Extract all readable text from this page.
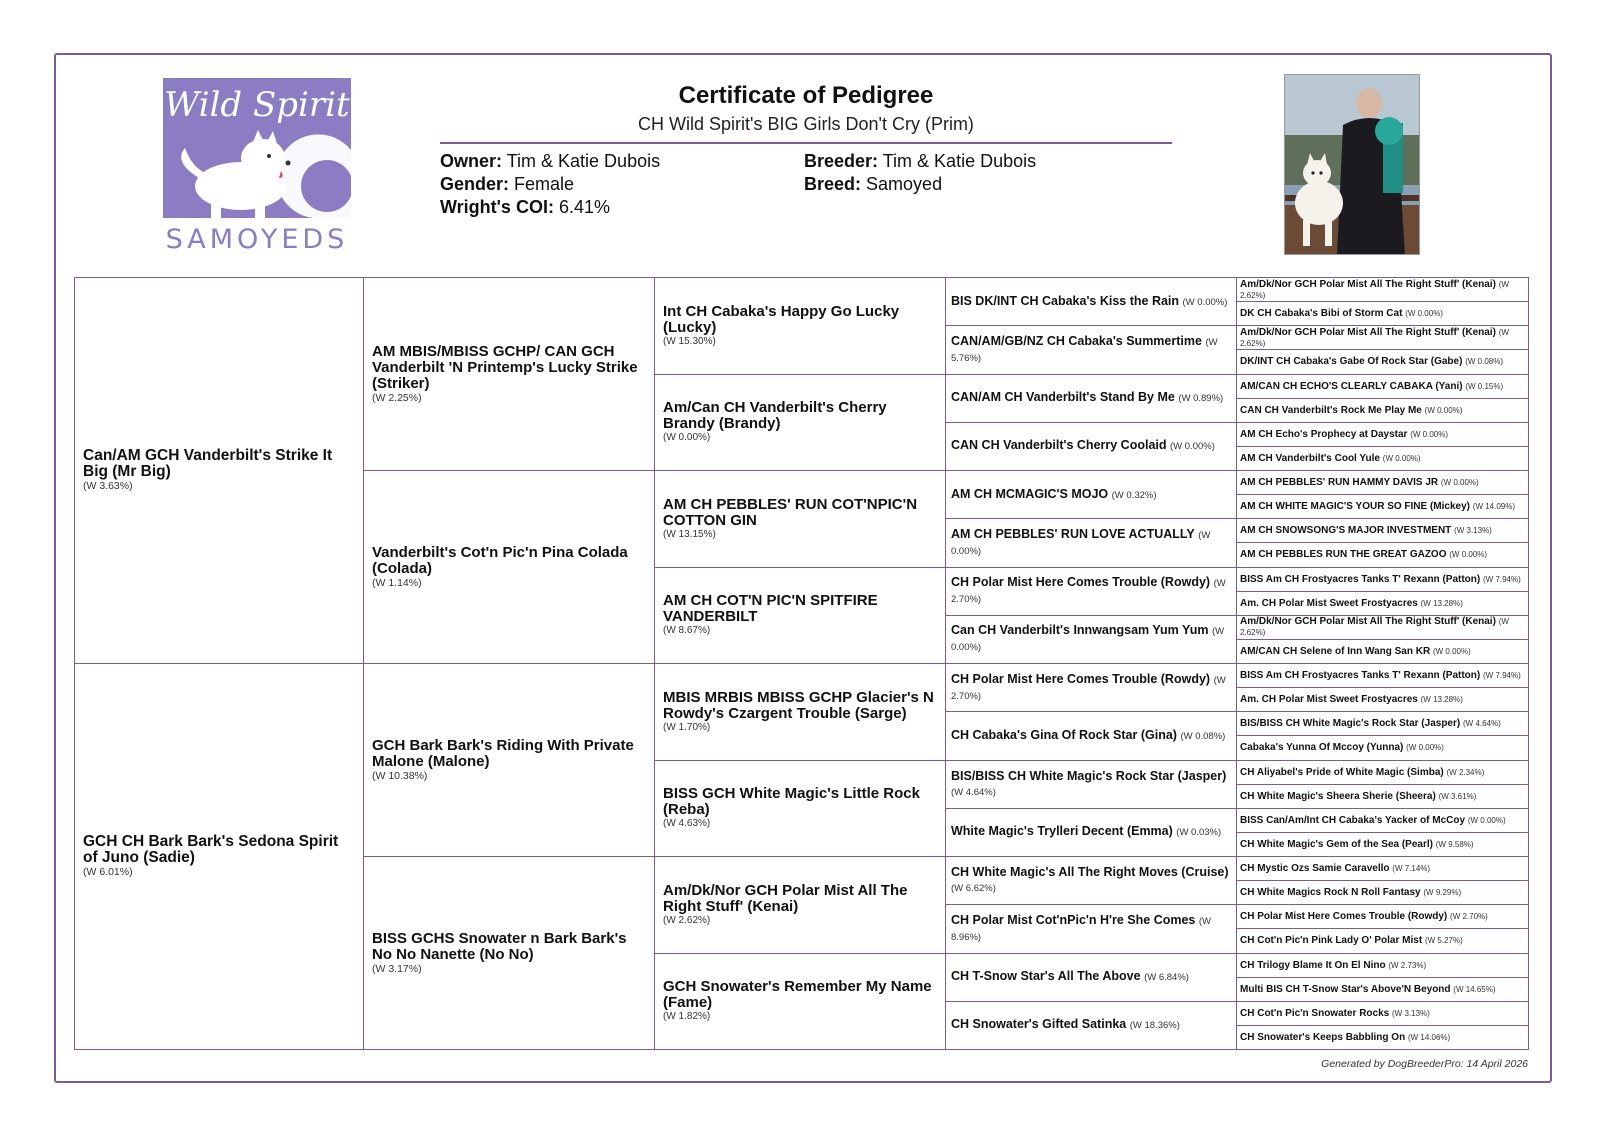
Wild Spirit
SAMOYEDS
Certificate of Pedigree
CH Wild Spirit's BIG Girls Don't Cry (Prim)
Owner: Tim & Katie Dubois
Gender: Female
Wright's COI: 6.41%
Breeder: Tim & Katie Dubois
Breed: Samoyed
Can/AM GCH Vanderbilt's Strike It Big (Mr Big)
(W 3.63%)
GCH CH Bark Bark's Sedona Spirit of Juno (Sadie)
(W 6.01%)
AM MBIS/MBISS GCHP/ CAN GCH Vanderbilt 'N Printemp's Lucky Strike (Striker)
(W 2.25%)
Vanderbilt's Cot'n Pic'n Pina Colada (Colada)
(W 1.14%)
GCH Bark Bark's Riding With Private Malone (Malone)
(W 10.38%)
BISS GCHS Snowater n Bark Bark's No No Nanette (No No)
(W 3.17%)
Int CH Cabaka's Happy Go Lucky (Lucky)
(W 15.30%)
Am/Can CH Vanderbilt's Cherry Brandy (Brandy)
(W 0.00%)
AM CH PEBBLES' RUN COT'NPIC'N COTTON GIN
(W 13.15%)
AM CH COT'N PIC'N SPITFIRE VANDERBILT
(W 8.67%)
MBIS MRBIS MBISS GCHP Glacier's N Rowdy's Czargent Trouble (Sarge)
(W 1.70%)
BISS GCH White Magic's Little Rock (Reba)
(W 4.63%)
Am/Dk/Nor GCH Polar Mist All The Right Stuff' (Kenai)
(W 2.62%)
GCH Snowater's Remember My Name (Fame)
(W 1.82%)
BIS DK/INT CH Cabaka's Kiss the Rain (W 0.00%)
CAN/AM/GB/NZ CH Cabaka's Summertime (W 5.76%)
CAN/AM CH Vanderbilt's Stand By Me (W 0.89%)
CAN CH Vanderbilt's Cherry Coolaid (W 0.00%)
AM CH MCMAGIC'S MOJO (W 0.32%)
AM CH PEBBLES' RUN LOVE ACTUALLY (W 0.00%)
CH Polar Mist Here Comes Trouble (Rowdy) (W 2.70%)
Can CH Vanderbilt's Innwangsam Yum Yum (W 0.00%)
CH Polar Mist Here Comes Trouble (Rowdy) (W 2.70%)
CH Cabaka's Gina Of Rock Star (Gina) (W 0.08%)
BIS/BISS CH White Magic's Rock Star (Jasper) (W 4.64%)
White Magic's Trylleri Decent (Emma) (W 0.03%)
CH White Magic's All The Right Moves (Cruise) (W 6.62%)
CH Polar Mist Cot'nPic'n H're She Comes (W 8.96%)
CH T-Snow Star's All The Above (W 6.84%)
CH Snowater's Gifted Satinka (W 18.36%)
Am/Dk/Nor GCH Polar Mist All The Right Stuff' (Kenai) (W 2.62%)
DK CH Cabaka's Bibi of Storm Cat (W 0.00%)
Am/Dk/Nor GCH Polar Mist All The Right Stuff' (Kenai) (W 2.62%)
DK/INT CH Cabaka's Gabe Of Rock Star (Gabe) (W 0.08%)
AM/CAN CH ECHO'S CLEARLY CABAKA (Yani) (W 0.15%)
CAN CH Vanderbilt's Rock Me Play Me (W 0.00%)
AM CH Echo's Prophecy at Daystar (W 0.00%)
AM CH Vanderbilt's Cool Yule (W 0.00%)
AM CH PEBBLES' RUN HAMMY DAVIS JR (W 0.00%)
AM CH WHITE MAGIC'S YOUR SO FINE (Mickey) (W 14.09%)
AM CH SNOWSONG'S MAJOR INVESTMENT (W 3.13%)
AM CH PEBBLES RUN THE GREAT GAZOO (W 0.00%)
BISS Am CH Frostyacres Tanks T' Rexann (Patton) (W 7.94%)
Am. CH Polar Mist Sweet Frostyacres (W 13.28%)
Am/Dk/Nor GCH Polar Mist All The Right Stuff' (Kenai) (W 2.62%)
AM/CAN CH Selene of Inn Wang San KR (W 0.00%)
BISS Am CH Frostyacres Tanks T' Rexann (Patton) (W 7.94%)
Am. CH Polar Mist Sweet Frostyacres (W 13.28%)
BIS/BISS CH White Magic's Rock Star (Jasper) (W 4.64%)
Cabaka's Yunna Of Mccoy (Yunna) (W 0.00%)
CH Aliyabel's Pride of White Magic (Simba) (W 2.34%)
CH White Magic's Sheera Sherie (Sheera) (W 3.61%)
BISS Can/Am/Int CH Cabaka's Yacker of McCoy (W 0.00%)
CH White Magic's Gem of the Sea (Pearl) (W 9.58%)
CH Mystic Ozs Samie Caravello (W 7.14%)
CH White Magics Rock N Roll Fantasy (W 9.29%)
CH Polar Mist Here Comes Trouble (Rowdy) (W 2.70%)
CH Cot'n Pic'n Pink Lady O' Polar Mist (W 5.27%)
CH Trilogy Blame It On El Nino (W 2.73%)
Multi BIS CH T-Snow Star's Above'N Beyond (W 14.65%)
CH Cot'n Pic'n Snowater Rocks (W 3.13%)
CH Snowater's Keeps Babbling On (W 14.06%)
Generated by DogBreederPro: 14 April 2026
